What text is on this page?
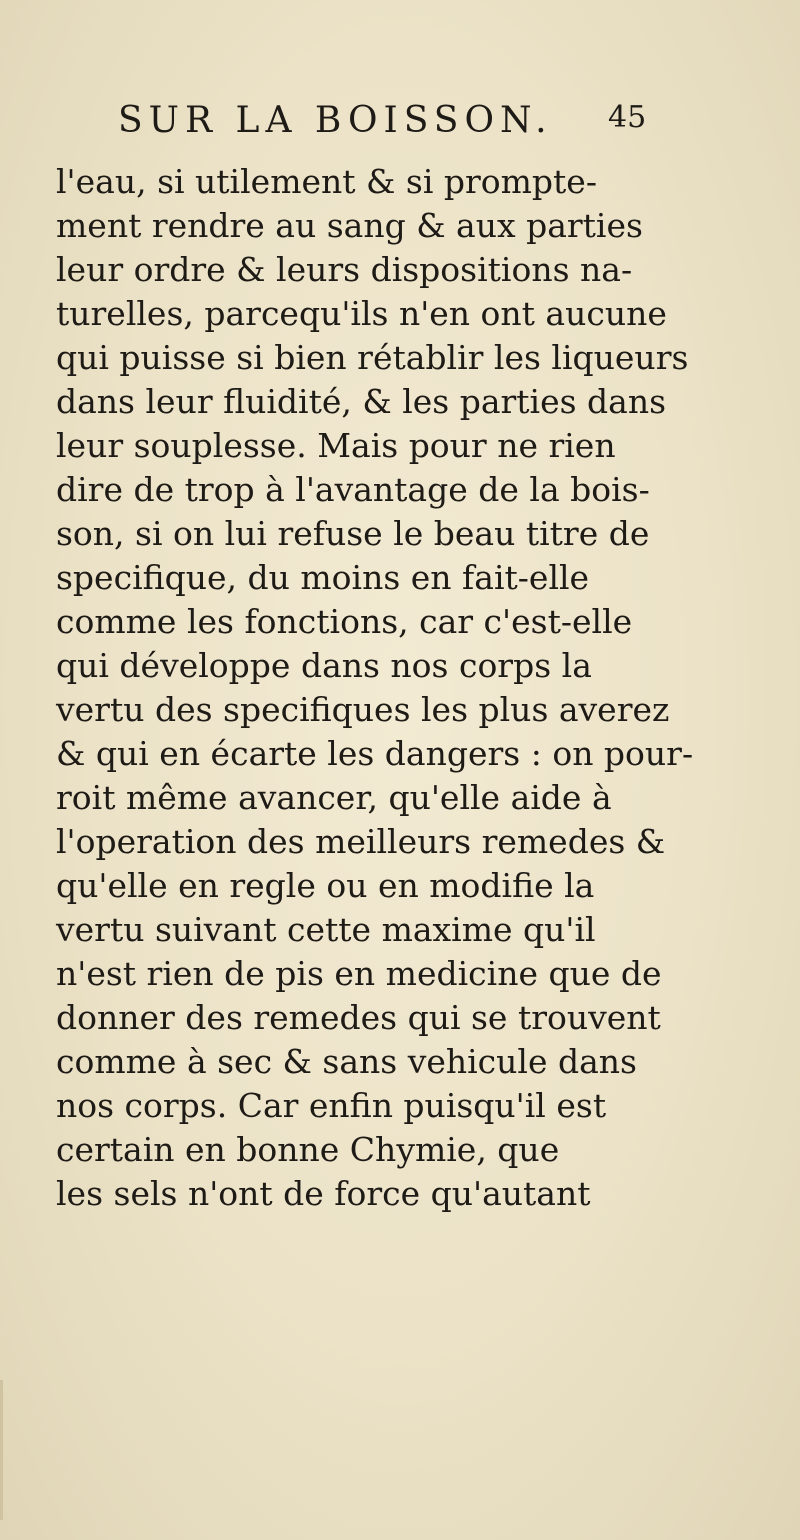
SUR LA BOISSON. 45
l'eau, si utilement & si prompte-
ment rendre au sang & aux parties
leur ordre & leurs dispositions na-
turelles, parcequ'ils n'en ont aucune
qui puisse si bien rétablir les liqueurs
dans leur fluidité, & les parties dans
leur souplesse. Mais pour ne rien
dire de trop à l'avantage de la bois-
son, si on lui refuse le beau titre de
specifique, du moins en fait-elle
comme les fonctions, car c'est-elle
qui développe dans nos corps la
vertu des specifiques les plus averez
& qui en écarte les dangers : on pour-
roit même avancer, qu'elle aide à
l'operation des meilleurs remedes &
qu'elle en regle ou en modifie la
vertu suivant cette maxime qu'il
n'est rien de pis en medicine que de
donner des remedes qui se trouvent
comme à sec & sans vehicule dans
nos corps. Car enfin puisqu'il est
certain en bonne Chymie, que
les sels n'ont de force qu'autant
